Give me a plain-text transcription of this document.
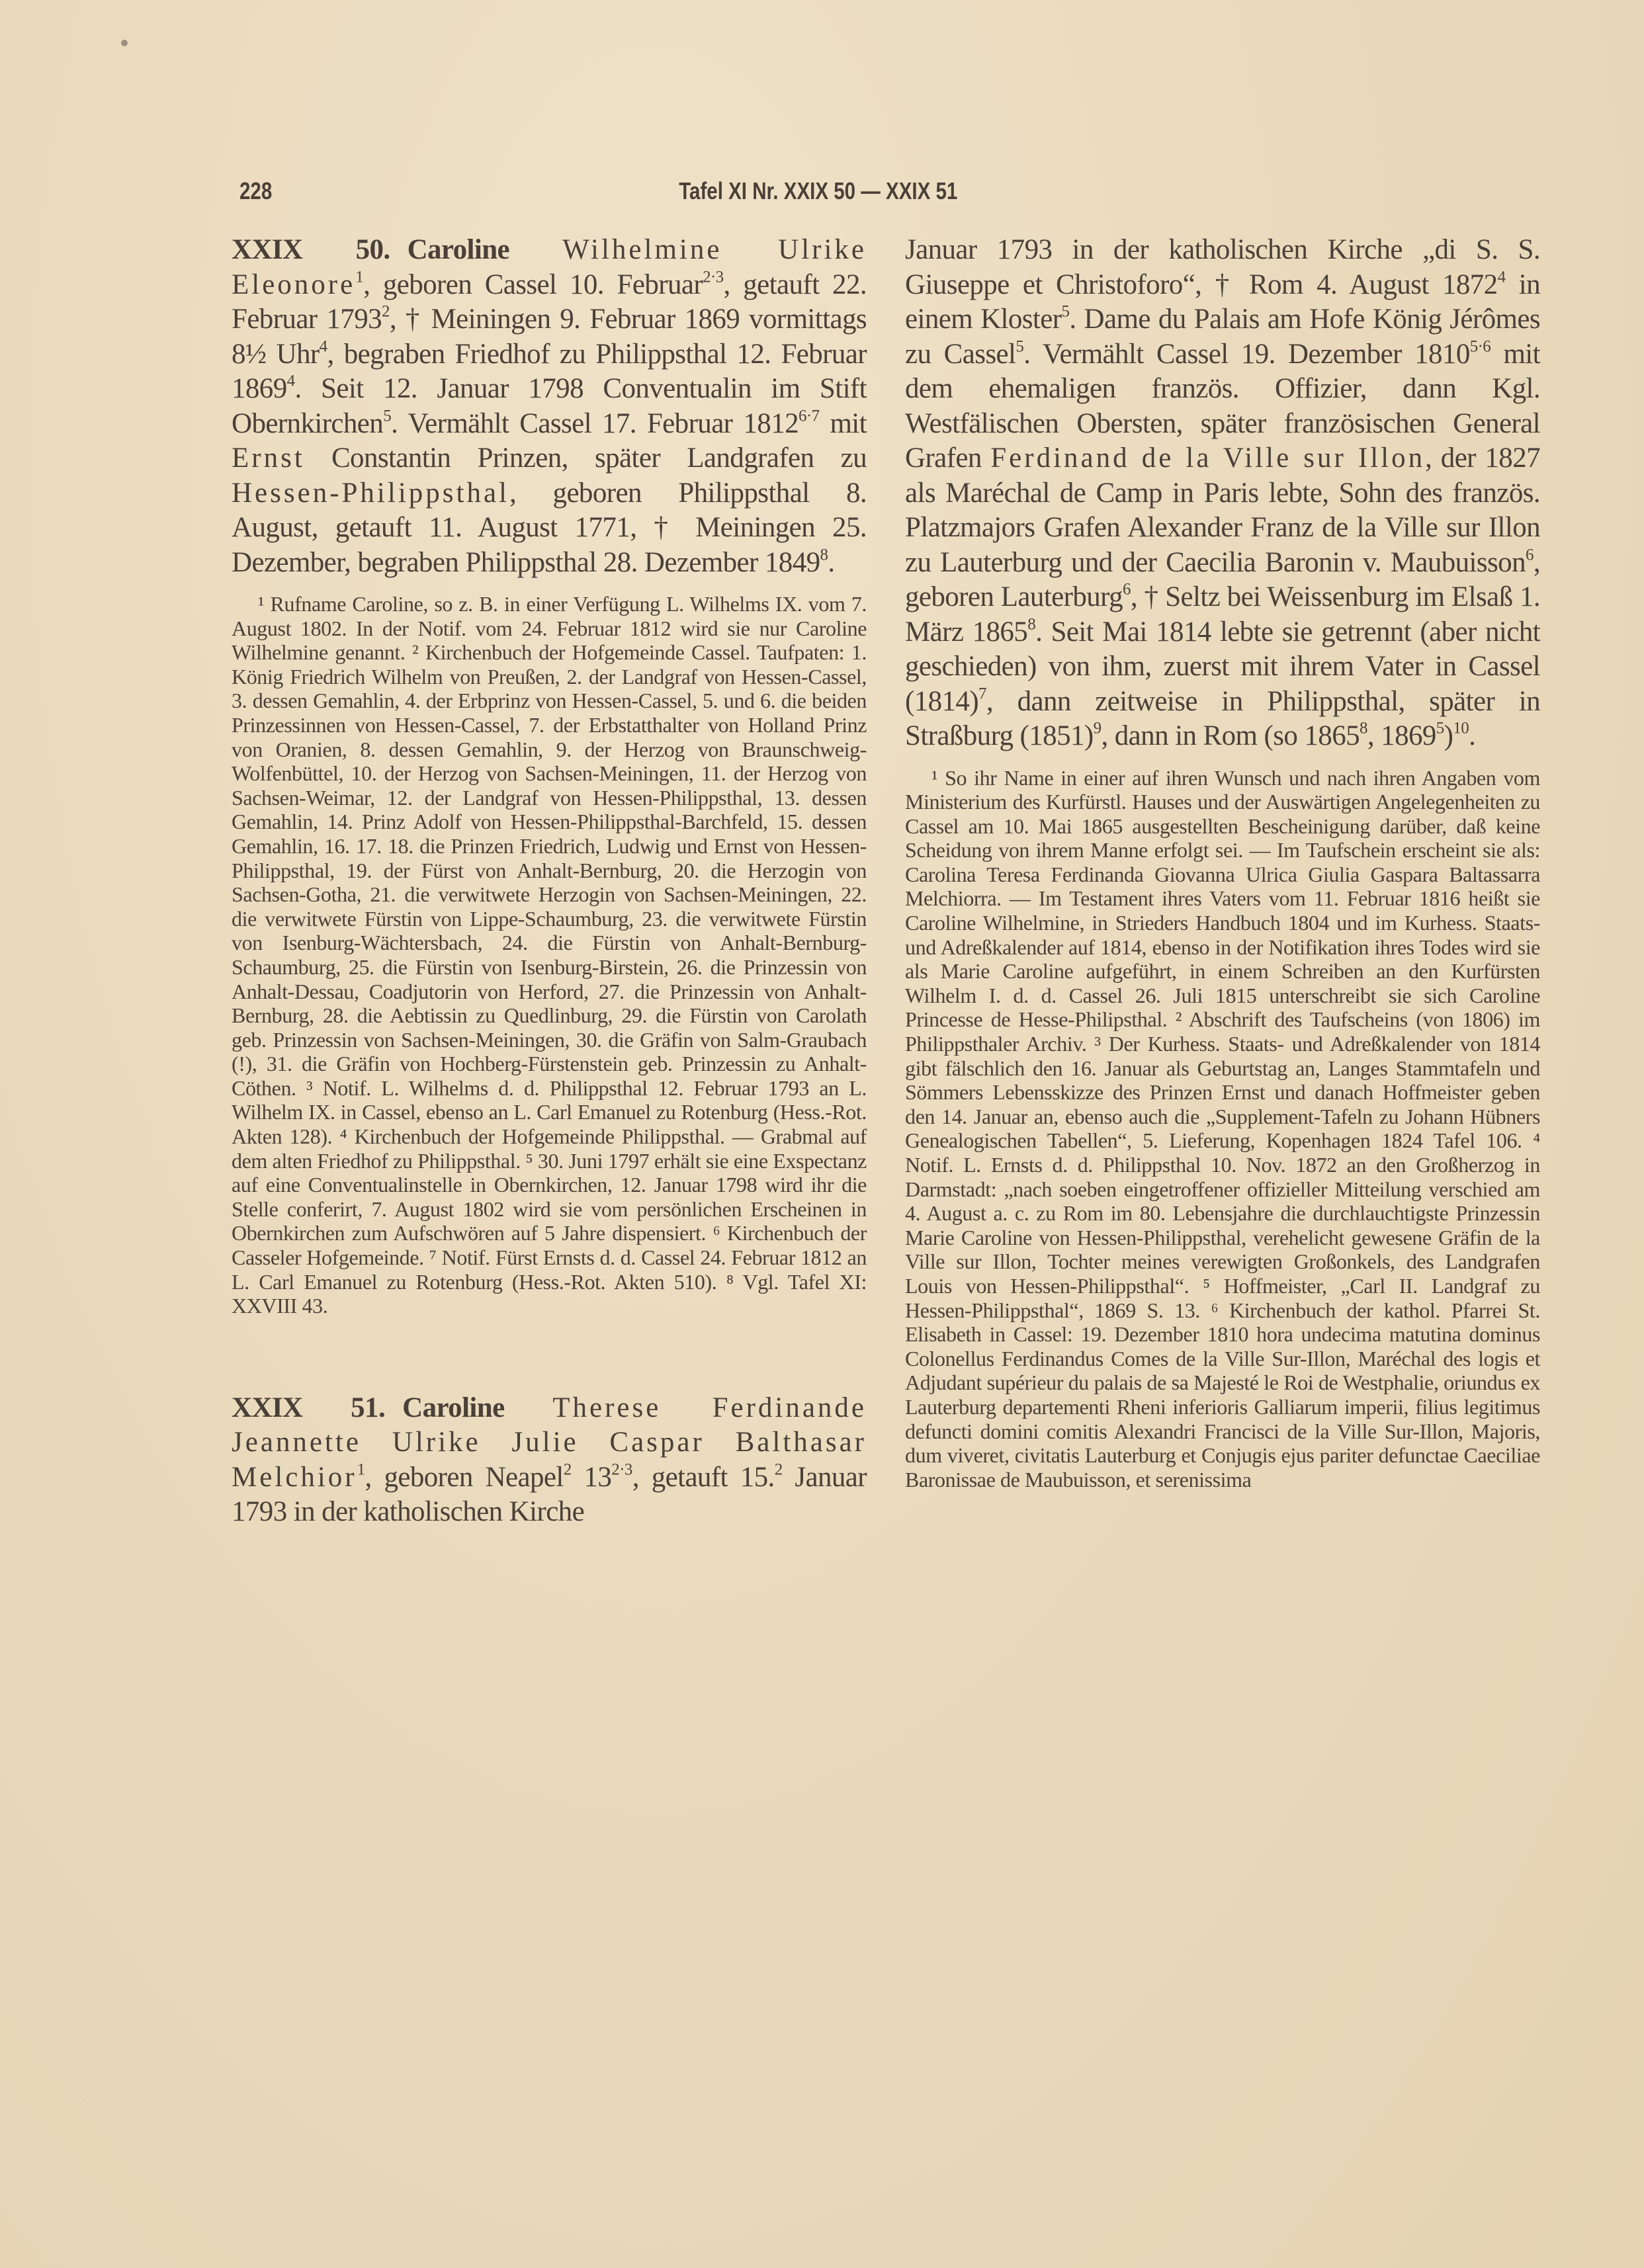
228	Tafel XI Nr. XXIX 50 — XXIX 51

XXIX 50. Caroline Wilhelmine Ulrike Eleonore$^1$, geboren Cassel 10. Februar$^{2\cdot 3}$, getauft 22. Februar 1793$^2$, † Meiningen 9. Februar 1869 vormittags 8½ Uhr$^4$, begraben Friedhof zu Philippsthal 12. Februar 1869$^4$. Seit 12. Januar 1798 Conventualin im Stift Obernkirchen$^5$. Vermählt Cassel 17. Februar $1812^{6\cdot 7}$ mit Ernst Constantin Prinzen, später Landgrafen zu Hessen-Philippsthal, geboren Philippsthal 8. August, getauft 11. August 1771, † Meiningen 25. Dezember, begraben Philippsthal 28. Dezember 1849$^8$.

¹ Rufname Caroline, so z. B. in einer Verfügung L. Wilhelms IX. vom 7. August 1802. In der Notif. vom 24. Februar 1812 wird sie nur Caroline Wilhelmine genannt. ² Kirchenbuch der Hofgemeinde Cassel. Taufpaten: 1. König Friedrich Wilhelm von Preußen, 2. der Landgraf von Hessen-Cassel, 3. dessen Gemahlin, 4. der Erbprinz von Hessen-Cassel, 5. und 6. die beiden Prinzessinnen von Hessen-Cassel, 7. der Erbstatthalter von Holland Prinz von Oranien, 8. dessen Gemahlin, 9. der Herzog von Braunschweig-Wolfenbüttel, 10. der Herzog von Sachsen-Meiningen, 11. der Herzog von Sachsen-Weimar, 12. der Landgraf von Hessen-Philippsthal, 13. dessen Gemahlin, 14. Prinz Adolf von Hessen-Philippsthal-Barchfeld, 15. dessen Gemahlin, 16. 17. 18. die Prinzen Friedrich, Ludwig und Ernst von Hessen-Philippsthal, 19. der Fürst von Anhalt-Bernburg, 20. die Herzogin von Sachsen-Gotha, 21. die verwitwete Herzogin von Sachsen-Meiningen, 22. die verwitwete Fürstin von Lippe-Schaumburg, 23. die verwitwete Fürstin von Isenburg-Wächtersbach, 24. die Fürstin von Anhalt-Bernburg-Schaumburg, 25. die Fürstin von Isenburg-Birstein, 26. die Prinzessin von Anhalt-Dessau, Coadjutorin von Herford, 27. die Prinzessin von Anhalt-Bernburg, 28. die Aebtissin zu Quedlinburg, 29. die Fürstin von Carolath geb. Prinzessin von Sachsen-Meiningen, 30. die Gräfin von Salm-Graubach (!), 31. die Gräfin von Hochberg-Fürstenstein geb. Prinzessin zu Anhalt-Cöthen. ³ Notif. L. Wilhelms d. d. Philippsthal 12. Februar 1793 an L. Wilhelm IX. in Cassel, ebenso an L. Carl Emanuel zu Rotenburg (Hess.-Rot. Akten 128). ⁴ Kirchenbuch der Hofgemeinde Philippsthal. — Grabmal auf dem alten Friedhof zu Philippsthal. ⁵ 30. Juni 1797 erhält sie eine Exspectanz auf eine Conventualinstelle in Obernkirchen, 12. Januar 1798 wird ihr die Stelle conferirt, 7. August 1802 wird sie vom persönlichen Erscheinen in Obernkirchen zum Aufschwören auf 5 Jahre dispensiert. ⁶ Kirchenbuch der Casseler Hofgemeinde. ⁷ Notif. Fürst Ernsts d. d. Cassel 24. Februar 1812 an L. Carl Emanuel zu Rotenburg (Hess.-Rot. Akten 510). ⁸ Vgl. Tafel XI: XXVIII 43.

XXIX 51. Caroline Therese Ferdinande Jeannette Ulrike Julie Caspar Balthasar Melchior$^1$, geboren Neapel$^2$ $13^{2\cdot 3}$, getauft 15.$^2$ Januar 1793 in der katholischen Kirche

Januar 1793 in der katholischen Kirche „di S. S. Giuseppe et Christoforo“, † Rom 4. August 1872$^4$ in einem Kloster$^5$. Dame du Palais am Hofe König Jérômes zu Cassel$^5$. Vermählt Cassel 19. Dezember $1810^{5\cdot 6}$ mit dem ehemaligen französ. Offizier, dann Kgl. Westfälischen Obersten, später französischen General Grafen Ferdinand de la Ville sur Illon, der 1827 als Maréchal de Camp in Paris lebte, Sohn des französ. Platzmajors Grafen Alexander Franz de la Ville sur Illon zu Lauterburg und der Caecilia Baronin v. Maubuisson$^6$, geboren Lauterburg$^6$, † Seltz bei Weissenburg im Elsaß 1. März 1865$^8$. Seit Mai 1814 lebte sie getrennt (aber nicht geschieden) von ihm, zuerst mit ihrem Vater in Cassel $(1814)^7$, dann zeitweise in Philippsthal, später in Straßburg $(1851)^9$, dann in Rom (so 1865$^8$, 1869$^5$)$^{10}$.

¹ So ihr Name in einer auf ihren Wunsch und nach ihren Angaben vom Ministerium des Kurfürstl. Hauses und der Auswärtigen Angelegenheiten zu Cassel am 10. Mai 1865 ausgestellten Bescheinigung darüber, daß keine Scheidung von ihrem Manne erfolgt sei. — Im Taufschein erscheint sie als: Carolina Teresa Ferdinanda Giovanna Ulrica Giulia Gaspara Baltassarra Melchiorra. — Im Testament ihres Vaters vom 11. Februar 1816 heißt sie Caroline Wilhelmine, in Strieders Handbuch 1804 und im Kurhess. Staats- und Adreßkalender auf 1814, ebenso in der Notifikation ihres Todes wird sie als Marie Caroline aufgeführt, in einem Schreiben an den Kurfürsten Wilhelm I. d. d. Cassel 26. Juli 1815 unterschreibt sie sich Caroline Princesse de Hesse-Philipsthal. ² Abschrift des Taufscheins (von 1806) im Philippsthaler Archiv. ³ Der Kurhess. Staats- und Adreßkalender von 1814 gibt fälschlich den 16. Januar als Geburtstag an, Langes Stammtafeln und Sömmers Lebensskizze des Prinzen Ernst und danach Hoffmeister geben den 14. Januar an, ebenso auch die „Supplement-Tafeln zu Johann Hübners Genealogischen Tabellen“, 5. Lieferung, Kopenhagen 1824 Tafel 106. ⁴ Notif. L. Ernsts d. d. Philippsthal 10. Nov. 1872 an den Großherzog in Darmstadt: „nach soeben eingetroffener offizieller Mitteilung verschied am 4. August a. c. zu Rom im 80. Lebensjahre die durchlauchtigste Prinzessin Marie Caroline von Hessen-Philippsthal, verehelicht gewesene Gräfin de la Ville sur Illon, Tochter meines verewigten Großonkels, des Landgrafen Louis von Hessen-Philippsthal“. ⁵ Hoffmeister, „Carl II. Landgraf zu Hessen-Philippsthal“, 1869 S. 13. ⁶ Kirchenbuch der kathol. Pfarrei St. Elisabeth in Cassel: 19. Dezember 1810 hora undecima matutina dominus Colonellus Ferdinandus Comes de la Ville Sur-Illon, Maréchal des logis et Adjudant supérieur du palais de sa Majesté le Roi de Westphalie, oriundus ex Lauterburg departementi Rheni inferioris Galliarum imperii, filius legitimus defuncti domini comitis Alexandri Francisci de la Ville Sur-Illon, Majoris, dum viveret, civitatis Lauterburg et Conjugis ejus pariter defunctae Caeciliae Baronissae de Maubuisson, et serenissima
